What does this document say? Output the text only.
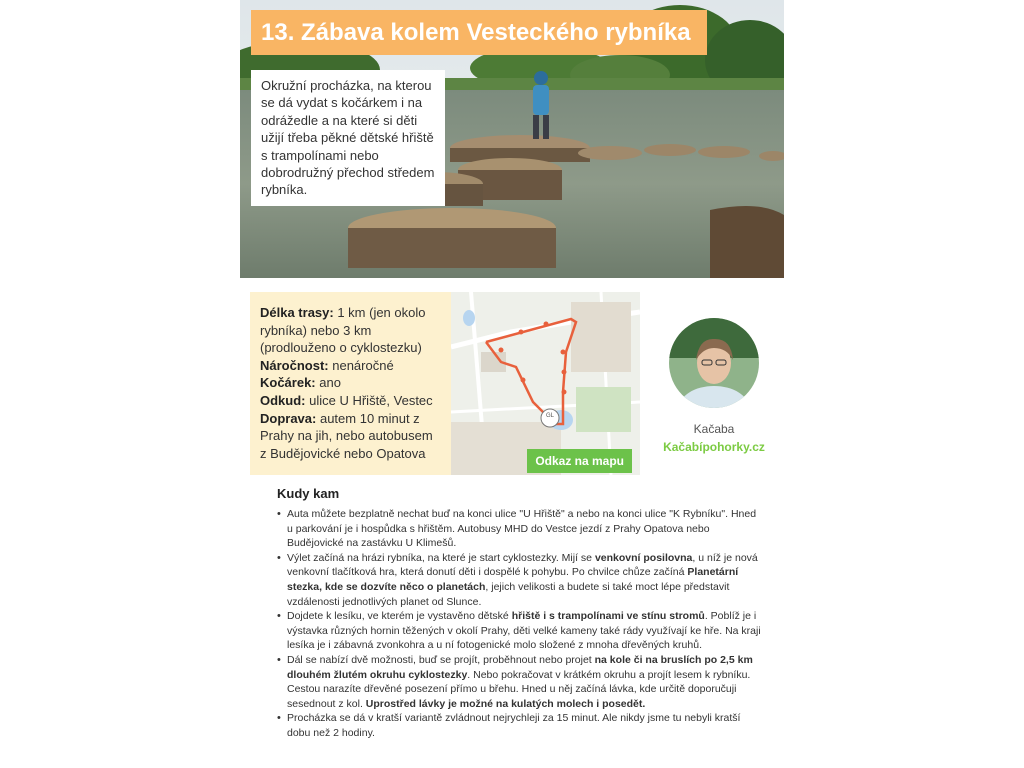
13. Zábava kolem Vesteckého rybníka
Okružní procházka, na kterou se dá vydat s kočárkem i na odrážedle a na které si děti užijí třeba pěkné dětské hřiště s trampolínami nebo dobrodružný přechod středem rybníka.
Délka trasy: 1 km (jen okolo rybníka) nebo 3 km (prodlouženo o cyklostezku)
Náročnost: nenáročné
Kočárek: ano
Odkud: ulice U Hřiště, Vestec
Doprava: autem 10 minut z Prahy na jih, nebo autobusem z Budějovické nebo Opatova
GL
Odkaz na mapu
Kačaba
Kačabípohorky.cz
Kudy kam
• Auta můžete bezplatně nechat buď na konci ulice "U Hřiště" a nebo na konci ulice "K Rybníku". Hned u parkování je i hospůdka s hřištěm. Autobusy MHD do Vestce jezdí z Prahy Opatova nebo Budějovické na zastávku U Klimešů.
• Výlet začíná na hrázi rybníka, na které je start cyklostezky. Mijí se venkovní posilovna, u níž je nová venkovní tlačítková hra, která donutí děti i dospělé k pohybu. Po chvilce chůze začíná Planetární stezka, kde se dozvíte něco o planetách, jejich velikosti a budete si také moct lépe představit vzdálenosti jednotlivých planet od Slunce.
• Dojdete k lesíku, ve kterém je vystavěno dětské hřiště i s trampolínami ve stínu stromů. Poblíž je i výstavka různých hornin těžených v okolí Prahy, děti velké kameny také rády využívají ke hře. Na kraji lesíka je i zábavná zvonkohra a u ní fotogenické molo složené z mnoha dřevěných kruhů.
• Dál se nabízí dvě možnosti, buď se projít, proběhnout nebo projet na kole či na bruslích po 2,5 km dlouhém žlutém okruhu cyklostezky. Nebo pokračovat v krátkém okruhu a projít lesem k rybníku. Cestou narazíte dřevěné posezení přímo u břehu. Hned u něj začíná lávka, kde určitě doporučuji sesednout z kol. Uprostřed lávky je možné na kulatých molech i posedět.
• Procházka se dá v kratší variantě zvládnout nejrychleji za 15 minut. Ale nikdy jsme tu nebyli kratší dobu než 2 hodiny.
